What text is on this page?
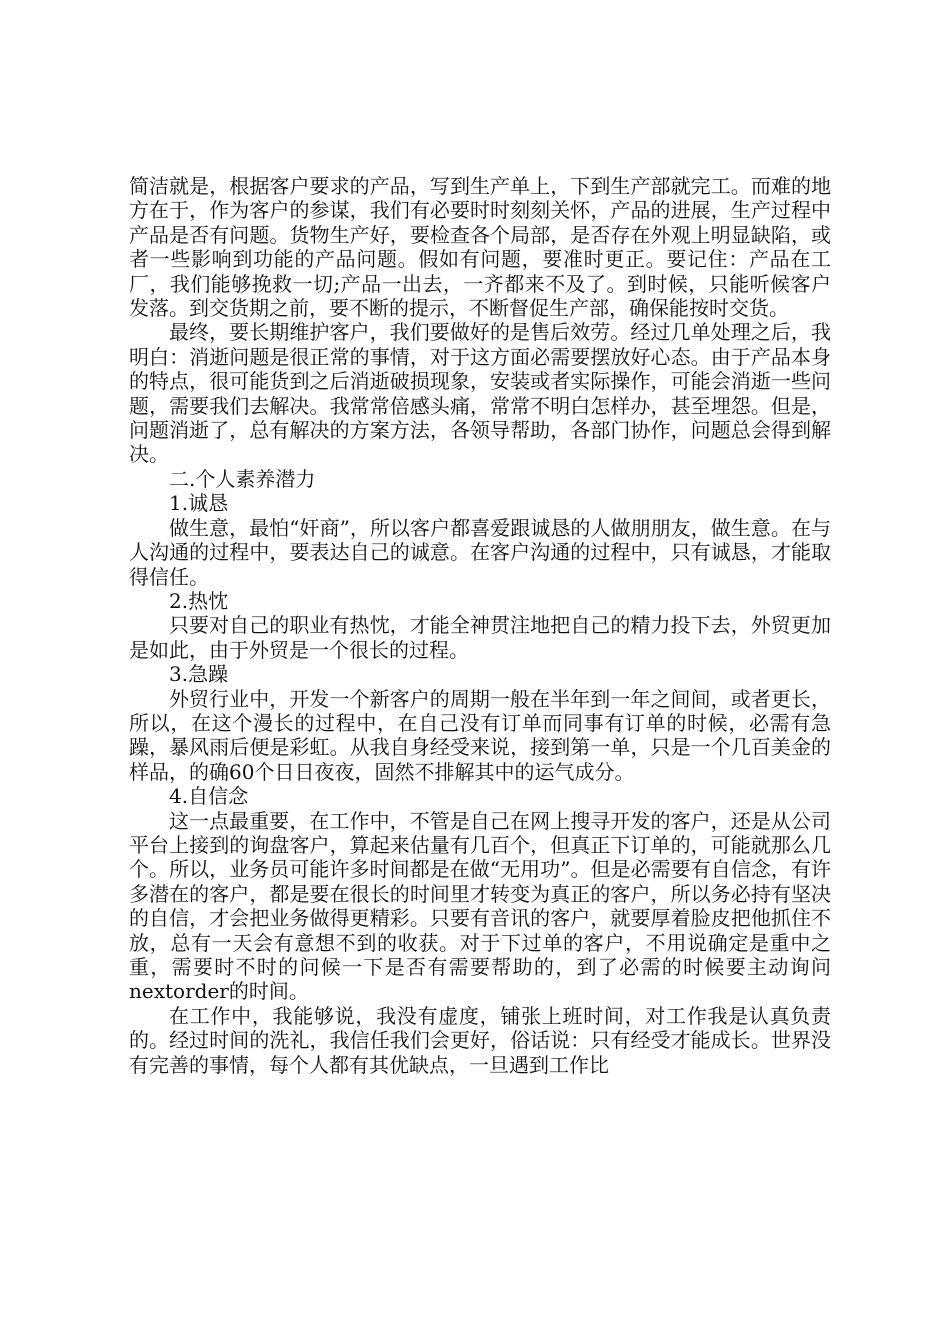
简洁就是，根据客户要求的产品，写到生产单上，下到生产部就完工。而难的地方在于，作为客户的参谋，我们有必要时时刻刻关怀，产品的进展，生产过程中产品是否有问题。货物生产好，要检查各个局部，是否存在外观上明显缺陷，或者一些影响到功能的产品问题。假如有问题，要准时更正。要记住：产品在工厂，我们能够挽救一切;产品一出去，一齐都来不及了。到时候，只能听候客户发落。到交货期之前，要不断的提示，不断督促生产部，确保能按时交货。

最终，要长期维护客户，我们要做好的是售后效劳。经过几单处理之后，我明白：消逝问题是很正常的事情，对于这方面必需要摆放好心态。由于产品本身的特点，很可能货到之后消逝破损现象，安装或者实际操作，可能会消逝一些问题，需要我们去解决。我常常倍感头痛，常常不明白怎样办，甚至埋怨。但是，问题消逝了，总有解决的方案方法，各领导帮助，各部门协作，问题总会得到解决。

二.个人素养潜力

1.诚恳

做生意，最怕“奸商”，所以客户都喜爱跟诚恳的人做朋朋友，做生意。在与人沟通的过程中，要表达自己的诚意。在客户沟通的过程中，只有诚恳，才能取得信任。

2.热忱

只要对自己的职业有热忱，才能全神贯注地把自己的精力投下去，外贸更加是如此，由于外贸是一个很长的过程。

3.急躁

外贸行业中，开发一个新客户的周期一般在半年到一年之间间，或者更长，所以，在这个漫长的过程中，在自己没有订单而同事有订单的时候，必需有急躁，暴风雨后便是彩虹。从我自身经受来说，接到第一单，只是一个几百美金的样品，的确60个日日夜夜，固然不排解其中的运气成分。

4.自信念

这一点最重要，在工作中，不管是自己在网上搜寻开发的客户，还是从公司平台上接到的询盘客户，算起来估量有几百个，但真正下订单的，可能就那么几个。所以，业务员可能许多时间都是在做“无用功”。但是必需要有自信念，有许多潜在的客户，都是要在很长的时间里才转变为真正的客户，所以务必持有坚决的自信，才会把业务做得更精彩。只要有音讯的客户，就要厚着脸皮把他抓住不放，总有一天会有意想不到的收获。对于下过单的客户，不用说确定是重中之重，需要时不时的问候一下是否有需要帮助的，到了必需的时候要主动询问nextorder的时间。

在工作中，我能够说，我没有虚度，铺张上班时间，对工作我是认真负责的。经过时间的洗礼，我信任我们会更好，俗话说：只有经受才能成长。世界没有完善的事情，每个人都有其优缺点，一旦遇到工作比
